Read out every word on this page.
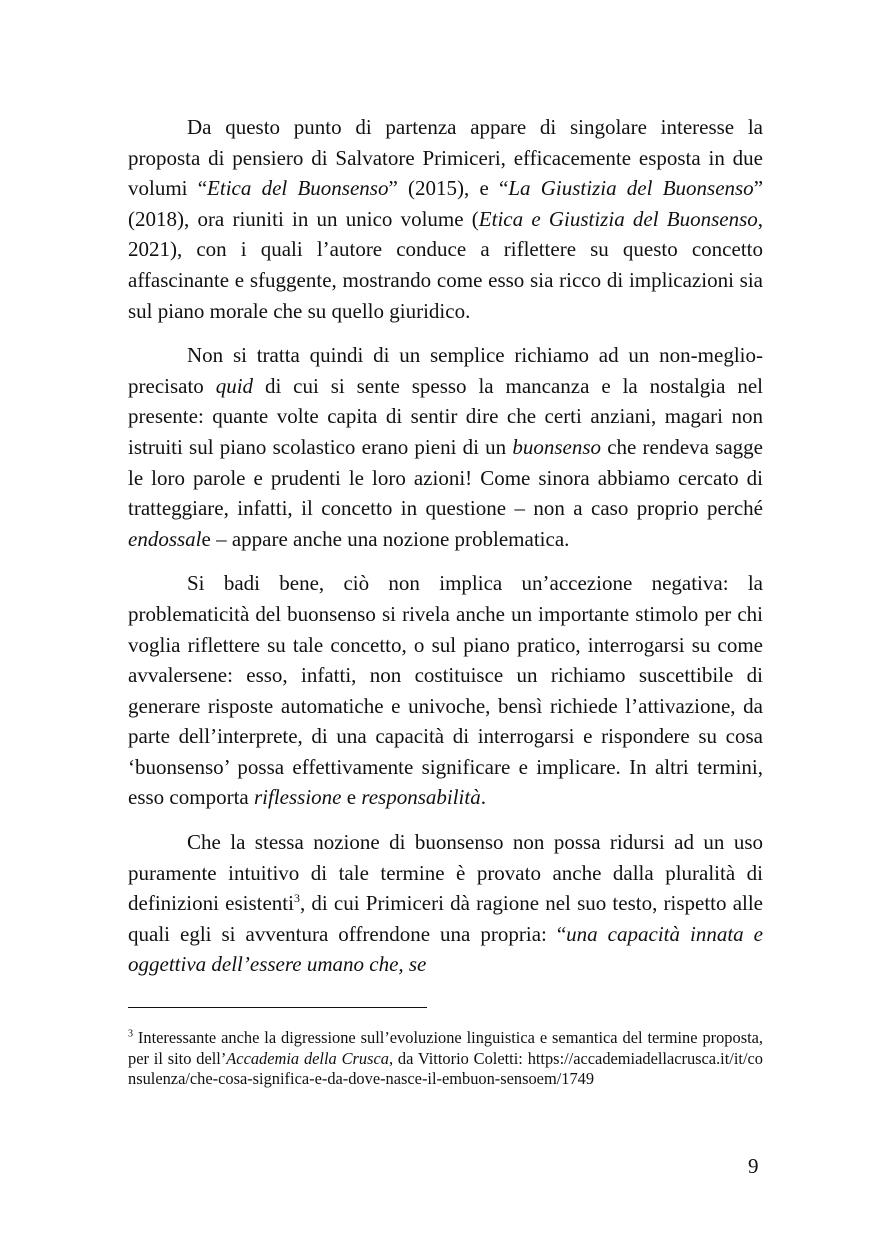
Da questo punto di partenza appare di singolare interesse la proposta di pensiero di Salvatore Primiceri, efficacemente esposta in due volumi “Etica del Buonsenso” (2015), e “La Giustizia del Buonsenso” (2018), ora riuniti in un unico volume (Etica e Giustizia del Buonsenso, 2021), con i quali l’autore conduce a riflettere su questo concetto affascinante e sfuggente, mostrando come esso sia ricco di implicazioni sia sul piano morale che su quello giuridico.

Non si tratta quindi di un semplice richiamo ad un non-meglio-precisato quid di cui si sente spesso la mancanza e la nostalgia nel presente: quante volte capita di sentir dire che certi anziani, magari non istruiti sul piano scolastico erano pieni di un buonsenso che rendeva sagge le loro parole e prudenti le loro azioni! Come sinora abbiamo cercato di tratteggiare, infatti, il concetto in questione – non a caso proprio perché endossale – appare anche una nozione problematica.

Si badi bene, ciò non implica un’accezione negativa: la problematicità del buonsenso si rivela anche un importante stimolo per chi voglia riflettere su tale concetto, o sul piano pratico, interrogarsi su come avvalersene: esso, infatti, non costituisce un richiamo suscettibile di generare risposte automatiche e univoche, bensì richiede l’attivazione, da parte dell’interprete, di una capacità di interrogarsi e rispondere su cosa ‘buonsenso’ possa effettivamente significare e implicare. In altri termini, esso comporta riflessione e responsabilità.

Che la stessa nozione di buonsenso non possa ridursi ad un uso puramente intuitivo di tale termine è provato anche dalla pluralità di definizioni esistenti$^3$, di cui Primiceri dà ragione nel suo testo, rispetto alle quali egli si avventura offrendone una propria: “una capacità innata e oggettiva dell’essere umano che, se

$^3$ Interessante anche la digressione sull’evoluzione linguistica e semantica del termine proposta, per il sito dell’Accademia della Crusca, da Vittorio Coletti: https://accademiadellacrusca.it/it/consulenza/che-cosa-significa-e-da-dove-nasce-il-embuon-sensoem/1749

9
